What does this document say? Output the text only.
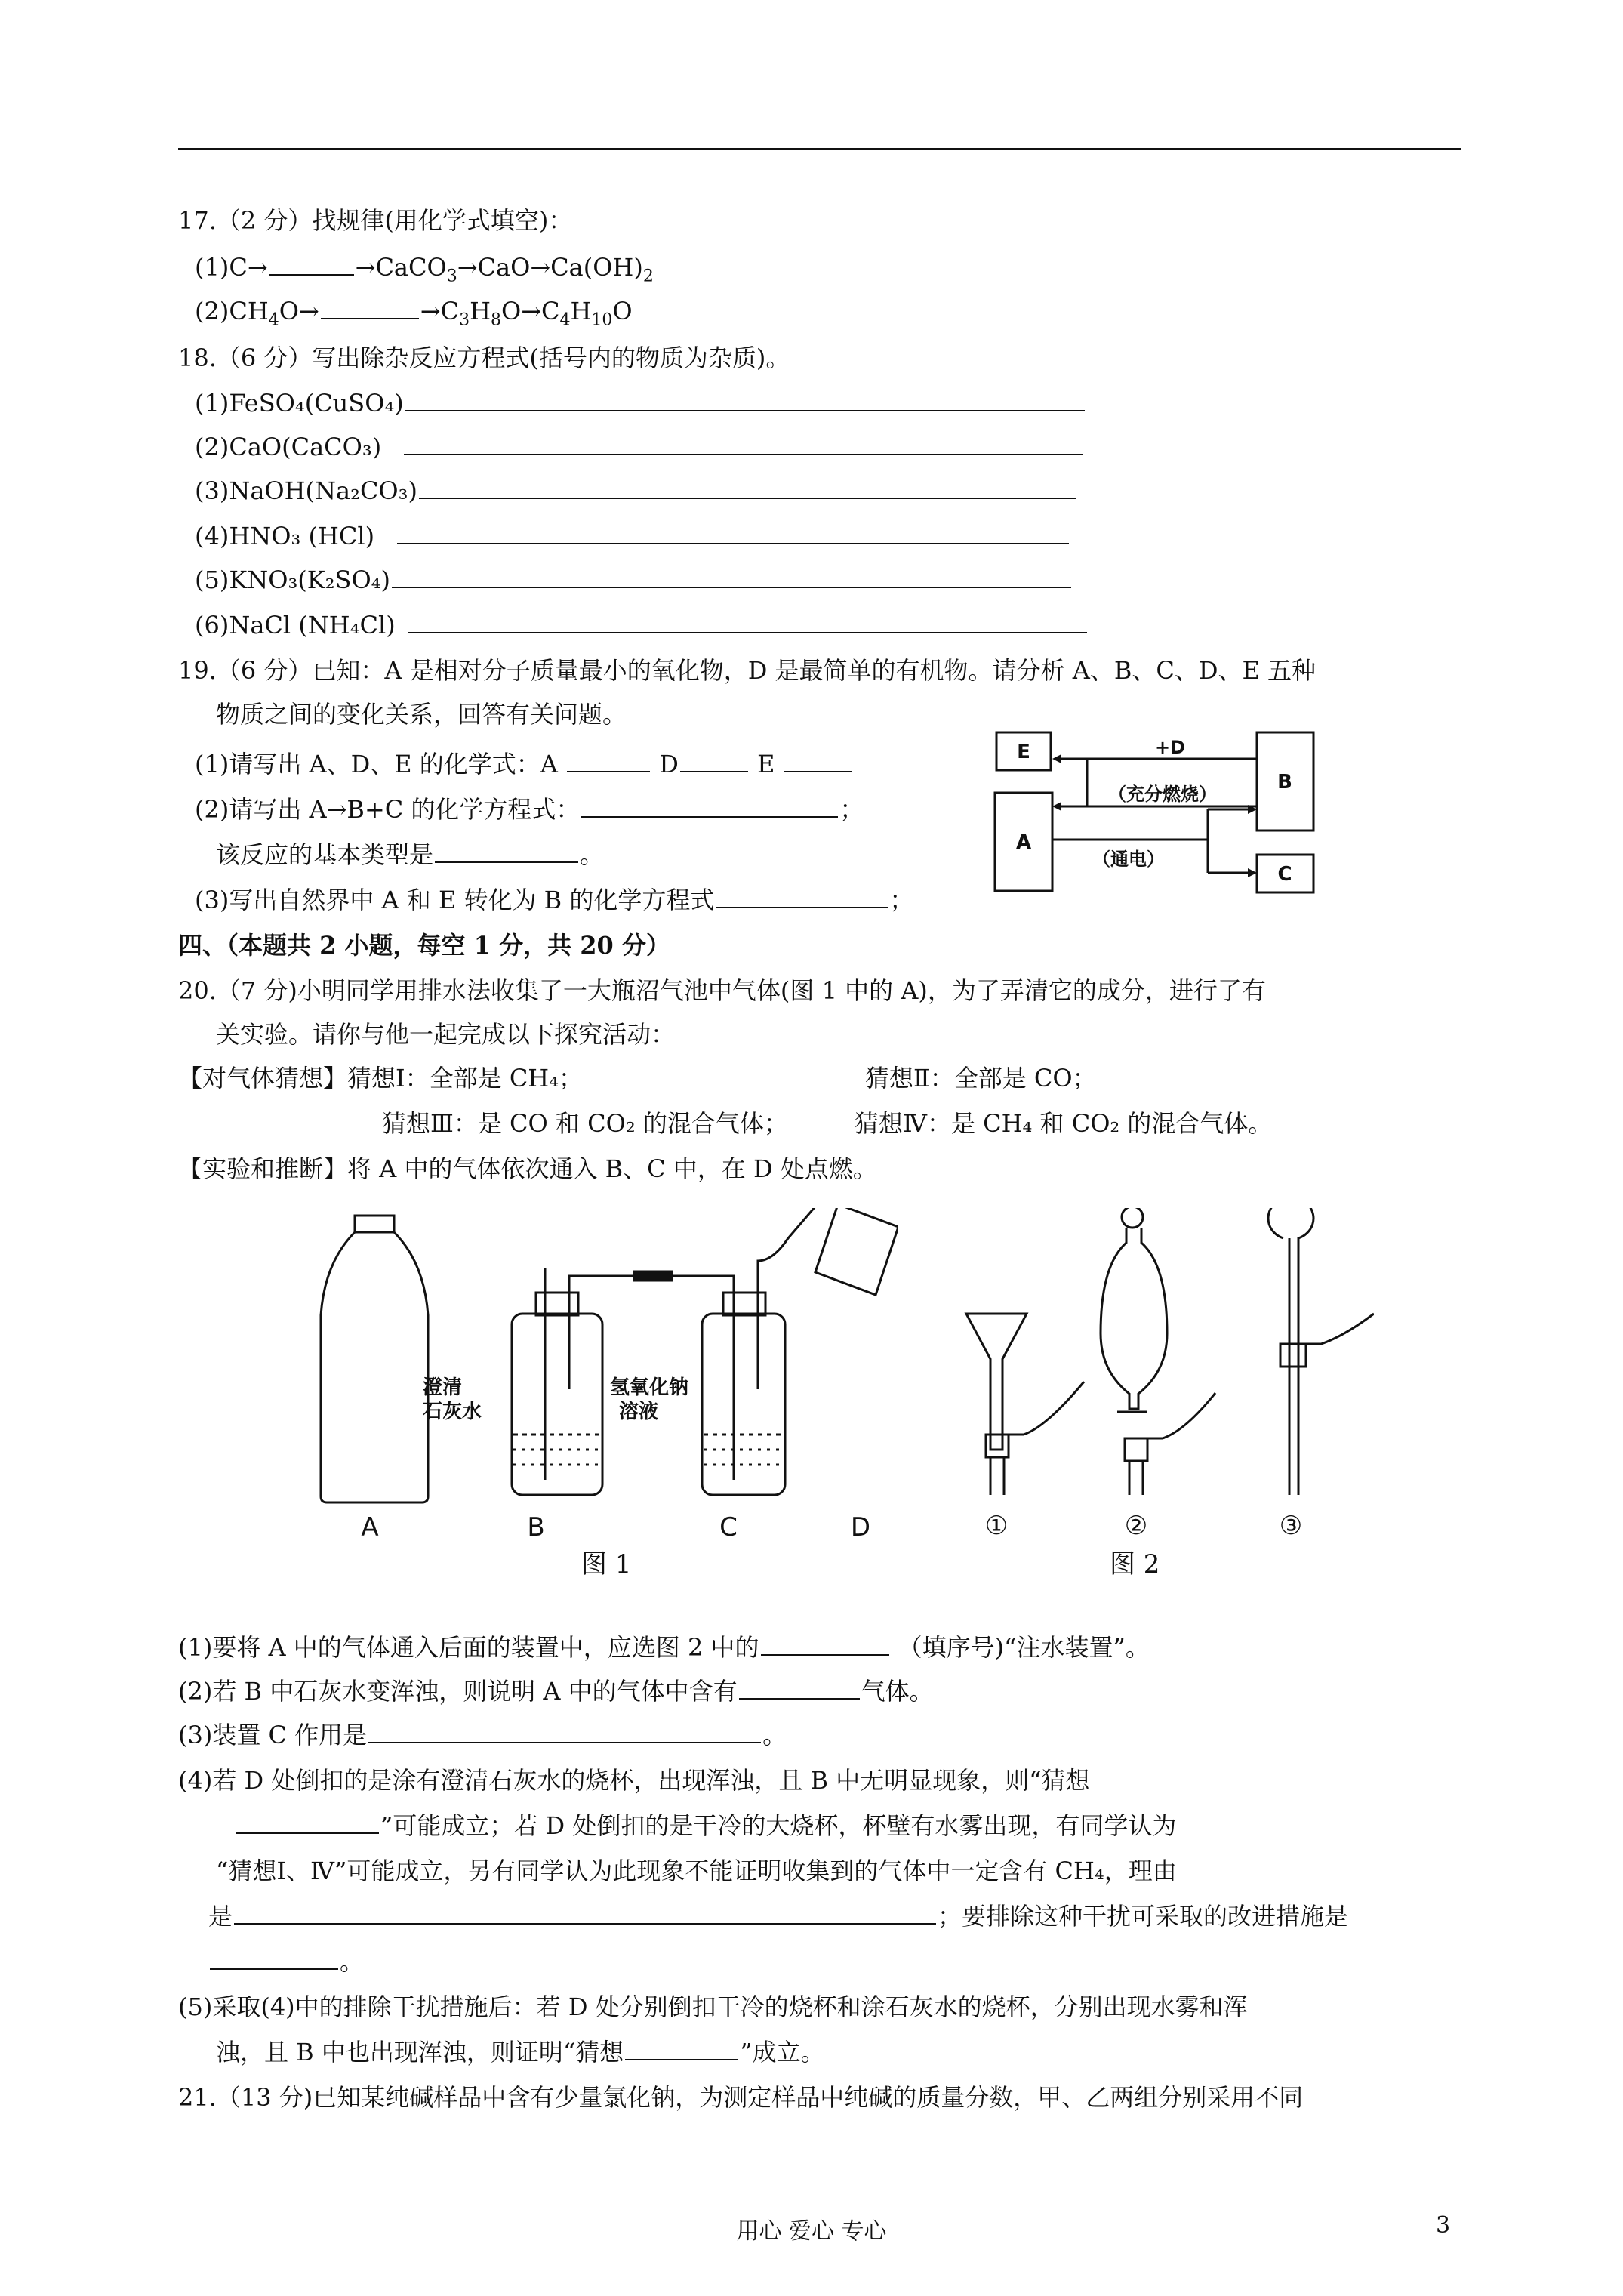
17.（2 分）找规律(用化学式填空)：
(1)C→	$\to CaCO_3\to CaO\to Ca(OH)_2$
$(2)CH_4O\to$	$\to C_3H_8O\to C_4H_{10}O$
18.（6 分）写出除杂反应方程式(括号内的物质为杂质)。
(1)FeSO₄(CuSO₄)
(2)CaO(CaCO₃)
(3)NaOH(Na₂CO₃)
(4)HNO₃ (HCl)
(5)KNO₃(K₂SO₄)
(6)NaCl (NH₄Cl)
19.（6 分）已知：A 是相对分子质量最小的氧化物，D 是最简单的有机物。请分析 A、B、C、D、E 五种
物质之间的变化关系，回答有关问题。
(1)请写出 A、D、E 的化学式：A	D	E
(2)请写出 A→B+C 的化学方程式：	；
该反应的基本类型是	。
(3)写出自然界中 A 和 E 转化为 B 的化学方程式	；
E
A
B
C
+D
（充分燃烧）
（通电）
四、（本题共 2 小题，每空 1 分，共 20 分）
20.（7 分)小明同学用排水法收集了一大瓶沼气池中气体(图 1 中的 A)，为了弄清它的成分，进行了有
关实验。请你与他一起完成以下探究活动：
【对气体猜想】猜想Ⅰ：全部是 CH₄；	猜想Ⅱ：全部是 CO；
猜想Ⅲ：是 CO 和 CO₂ 的混合气体；	猜想Ⅳ：是 CH₄ 和 CO₂ 的混合气体。
【实验和推断】将 A 中的气体依次通入 B、C 中，在 D 处点燃。
澄清
石灰水
氢氧化钠
溶液
A	B	C	D
图 1
①	②	③
图 2
(1)要将 A 中的气体通入后面的装置中，应选图 2 中的	（填序号)“注水装置”。
(2)若 B 中石灰水变浑浊，则说明 A 中的气体中含有	气体。
(3)装置 C 作用是	。
(4)若 D 处倒扣的是涂有澄清石灰水的烧杯，出现浑浊，且 B 中无明显现象，则“猜想
”可能成立；若 D 处倒扣的是干冷的大烧杯，杯壁有水雾出现，有同学认为
“猜想Ⅰ、Ⅳ”可能成立，另有同学认为此现象不能证明收集到的气体中一定含有 CH₄，理由
是	；要排除这种干扰可采取的改进措施是
。
(5)采取(4)中的排除干扰措施后：若 D 处分别倒扣干冷的烧杯和涂石灰水的烧杯，分别出现水雾和浑
浊，且 B 中也出现浑浊，则证明“猜想	”成立。
21.（13 分)已知某纯碱样品中含有少量氯化钠，为测定样品中纯碱的质量分数，甲、乙两组分别采用不同
用心 爱心 专心	3
